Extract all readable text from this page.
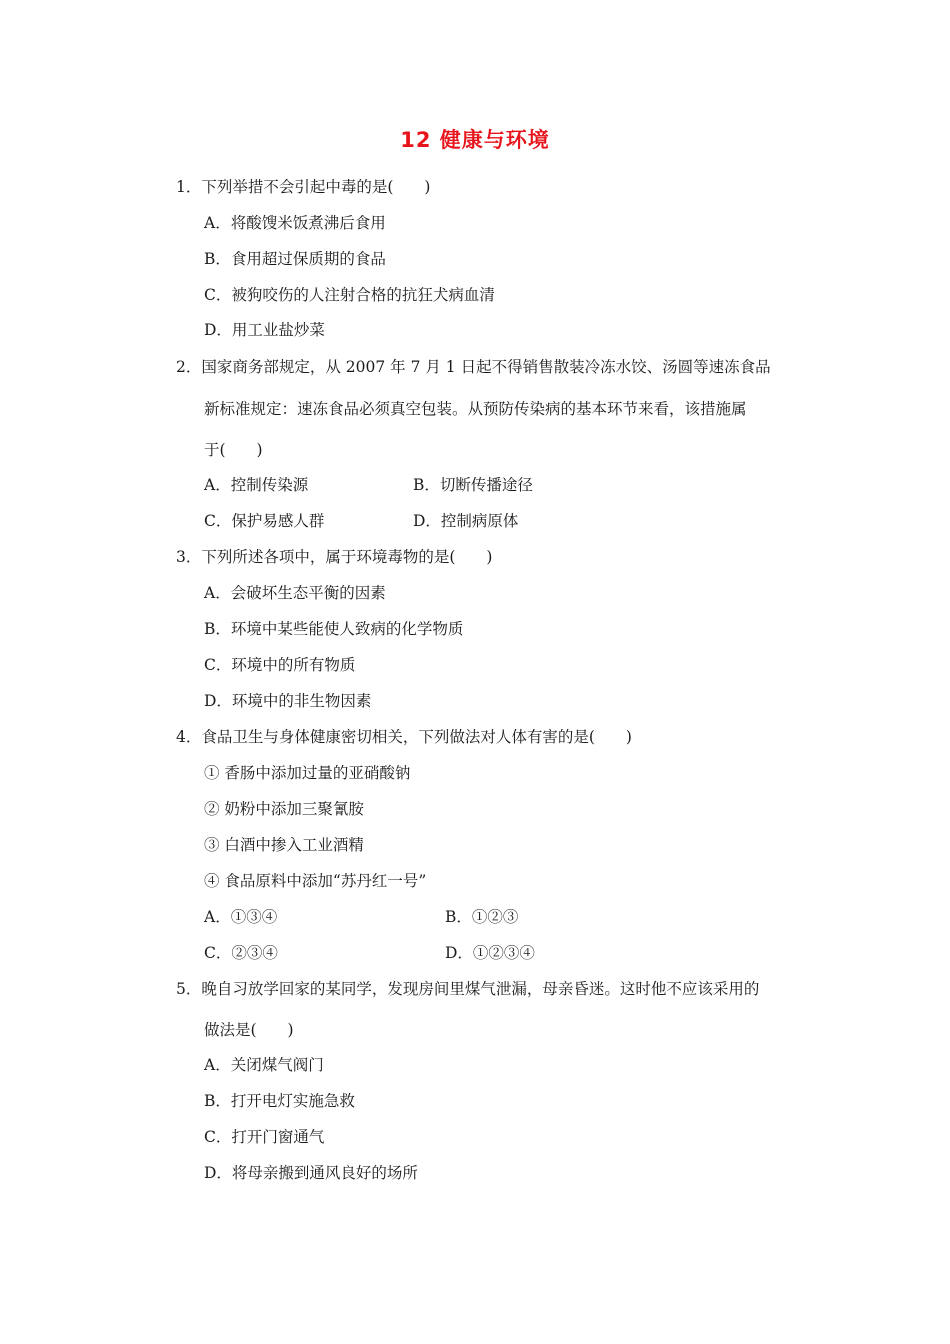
12 健康与环境
1．下列举措不会引起中毒的是(　　)
A．将酸馊米饭煮沸后食用
B．食用超过保质期的食品
C．被狗咬伤的人注射合格的抗狂犬病血清
D．用工业盐炒菜
2．国家商务部规定，从 2007 年 7 月 1 日起不得销售散装冷冻水饺、汤圆等速冻食品
新标准规定：速冻食品必须真空包装。从预防传染病的基本环节来看，该措施属
于(　　)
A．控制传染源	B．切断传播途径
C．保护易感人群	D．控制病原体
3．下列所述各项中，属于环境毒物的是(　　)
A．会破坏生态平衡的因素
B．环境中某些能使人致病的化学物质
C．环境中的所有物质
D．环境中的非生物因素
4．食品卫生与身体健康密切相关，下列做法对人体有害的是(　　)
① 香肠中添加过量的亚硝酸钠
② 奶粉中添加三聚氰胺
③ 白酒中掺入工业酒精
④ 食品原料中添加“苏丹红一号”
A．①③④	B．①②③
C．②③④	D．①②③④
5．晚自习放学回家的某同学，发现房间里煤气泄漏，母亲昏迷。这时他不应该采用的
做法是(　　)
A．关闭煤气阀门
B．打开电灯实施急救
C．打开门窗通气
D．将母亲搬到通风良好的场所
